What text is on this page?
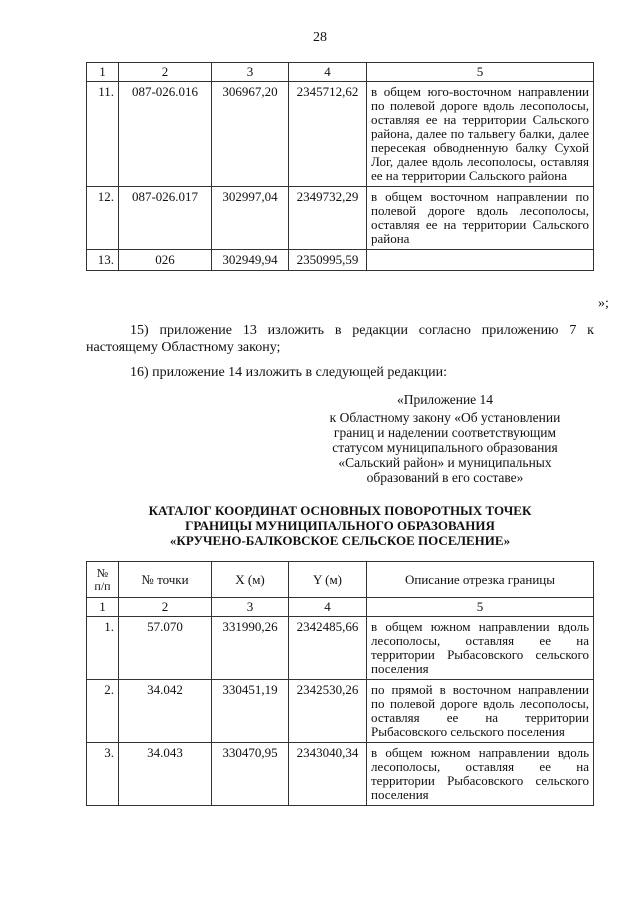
28
1	2	3	4	5
11.	087-026.016	306967,20	2345712,62	в общем юго-восточном направлении по полевой дороге вдоль лесополосы, оставляя ее на территории Сальского района, далее по тальвегу балки, далее пересекая обводненную балку Сухой Лог, далее вдоль лесополосы, оставляя ее на территории Сальского района
12.	087-026.017	302997,04	2349732,29	в общем восточном направлении по полевой дороге вдоль лесополосы, оставляя ее на территории Сальского района
13.	026	302949,94	2350995,59	
»;
15) приложение 13 изложить в редакции согласно приложению 7 к настоящему Областному закону;
16) приложение 14 изложить в следующей редакции:
«Приложение 14
к Областному закону «Об установлении границ и наделении соответствующим статусом муниципального образования «Сальский район» и муниципальных образований в его составе»
КАТАЛОГ КООРДИНАТ ОСНОВНЫХ ПОВОРОТНЫХ ТОЧЕК
ГРАНИЦЫ МУНИЦИПАЛЬНОГО ОБРАЗОВАНИЯ
«КРУЧЕНО-БАЛКОВСКОЕ СЕЛЬСКОЕ ПОСЕЛЕНИЕ»
№ п/п	№ точки	X (м)	Y (м)	Описание отрезка границы
1	2	3	4	5
1.	57.070	331990,26	2342485,66	в общем южном направлении вдоль лесополосы, оставляя ее на территории Рыбасовского сельского поселения
2.	34.042	330451,19	2342530,26	по прямой в восточном направлении по полевой дороге вдоль лесополосы, оставляя ее на территории Рыбасовского сельского поселения
3.	34.043	330470,95	2343040,34	в общем южном направлении вдоль лесополосы, оставляя ее на территории Рыбасовского сельского поселения
